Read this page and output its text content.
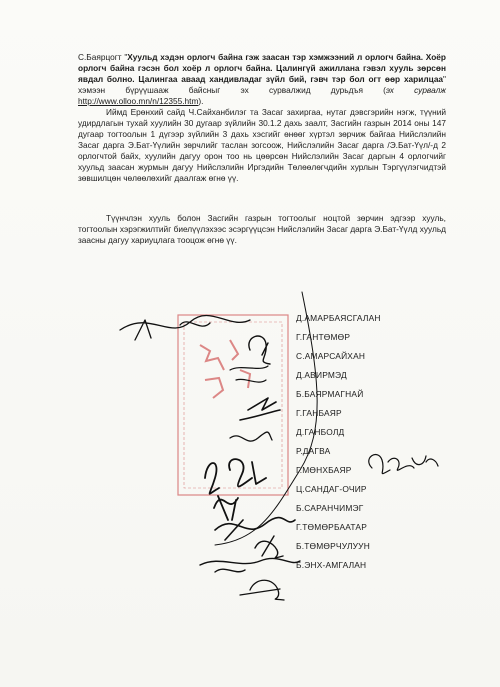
С.Баярцогт "Хуульд хэдэн орлогч байна гэж заасан тэр хэмжээний л орлогч байна. Хоёр орлогч байна гэсэн бол хоёр л орлогч байна. Цалингүй ажиллана гэвэл хууль зөрсөн явдал болно. Цалингаа аваад хандивладаг зүйл бий, гэвч тэр бол огт өөр харилцаа" хэмээн бүрүүшааж байсныг эх сурвалжид дурьдъя (эх сурвалж http://www.olloo.mn/n/12355.htm).

Иймд Ерөнхий сайд Ч.Сайханбилэг та Засаг захиргаа, нутаг дэвсгэрийн нэгж, түүний удирдлагын тухай хуулийн 30 дугаар зүйлийн 30.1.2 дахь заалт, Засгийн газрын 2014 оны 147 дугаар тогтоолын 1 дүгээр зүйлийн 3 дахь хэсгийг өнөөг хүртэл зөрчиж байгаа Нийслэлийн Засаг дарга Э.Бат-Үүлийн зөрчлийг таслан зогсоож, Нийслэлийн Засаг дарга /Э.Бат-Үүл/-д 2 орлогчтой байх, хуулийн дагуу орон тоо нь цөөрсөн Нийслэлийн Засаг даргын 4 орлогчийг хуульд заасан журмын дагуу Нийслэлийн Иргэдийн Төлөөлөгчдийн хурлын Тэргүүлэгчидтэй зөвшилцөн чөлөөлөхийг даалгаж өгнө үү.

Түүнчлэн хууль болон Засгийн газрын тогтоолыг ноцтой зөрчин эдгээр хууль, тогтоолын хэрэгжилтийг биелүүлэхээс эсэргүүцсэн Нийслэлийн Засаг дарга Э.Бат-Үүлд хуульд заасны дагуу хариуцлага тооцож өгнө үү.

Д.АМАРБАЯСГАЛАН
Г.ГАНТӨМӨР
С.АМАРСАЙХАН
Д.АВИРМЭД
Б.БАЯРМАГНАЙ
Г.ГАНБАЯР
Д.ГАНБОЛД
Р.ДАГВА
Г.МӨНХБАЯР
Ц.САНДАГ-ОЧИР
Б.САРАНЧИМЭГ
Г.ТӨМӨРБААТАР
Б.ТӨМӨРЧУЛУУН
Б.ЭНХ-АМГАЛАН
